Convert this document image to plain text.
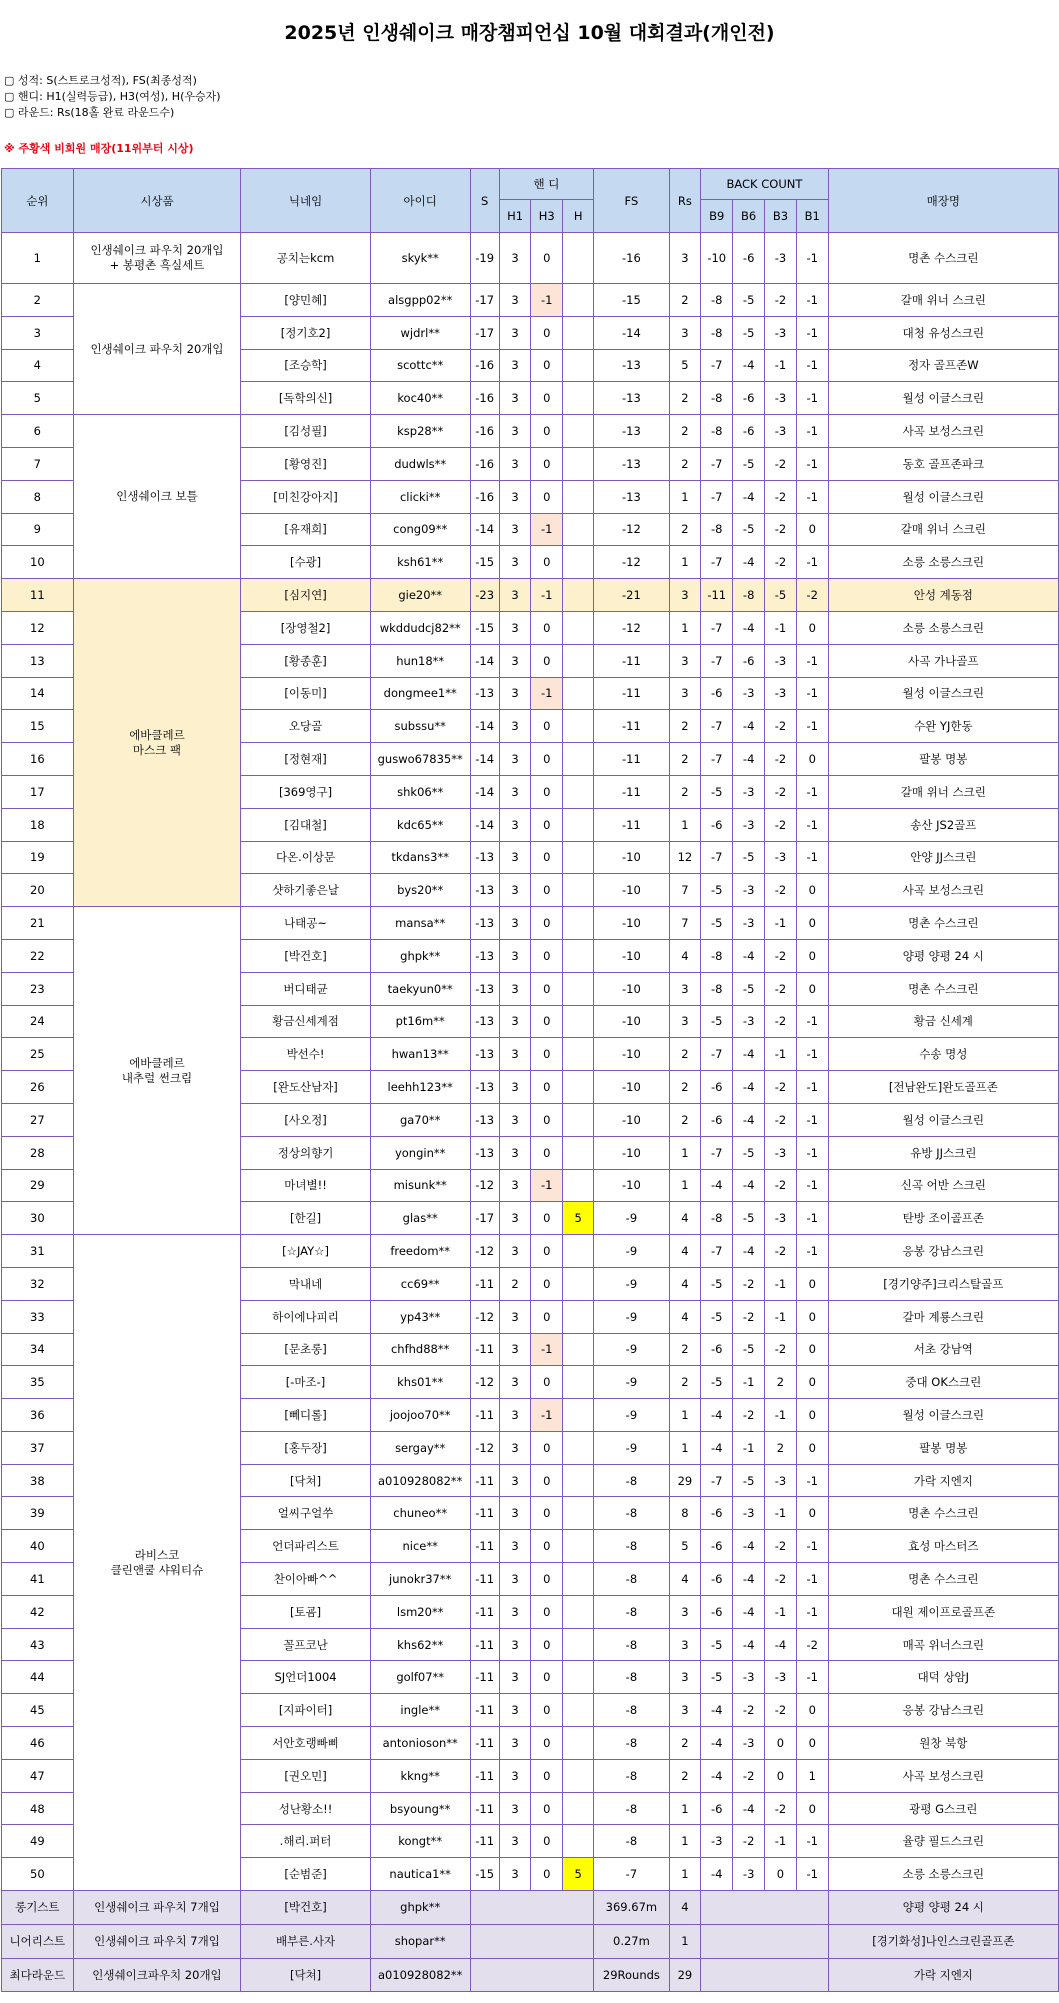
2025년 인생쉐이크 매장챔피언십 10월 대회결과(개인전)
▢ 성적: S(스트로크성적), FS(최종성적)
▢ 핸디: H1(실력등급), H3(여성), H(우승자)
▢ 라운드: Rs(18홀 완료 라운드수)
※ 주황색 비회원 매장(11위부터 시상)
순위	시상품	닉네임	아이디	S	핸 디			FS	Rs	BACK COUNT				매장명
					H1	H3	H			B9	B6	B3	B1	
1	인생쉐이크 파우치 20개입
+ 봉평촌 흑실세트	공치는kcm	skyk**	-19	3	0		-16	3	-10	-6	-3	-1	명촌 수스크린
2	인생쉐이크 파우치 20개입	[양민혜]	alsgpp02**	-17	3	-1		-15	2	-8	-5	-2	-1	갈매 위너 스크린
3		[정기호2]	wjdrl**	-17	3	0		-14	3	-8	-5	-3	-1	대청 유성스크린
4		[조승학]	scottc**	-16	3	0		-13	5	-7	-4	-1	-1	정자 골프존W
5		[독학의신]	koc40**	-16	3	0		-13	2	-8	-6	-3	-1	월성 이글스크린
6	인생쉐이크 보틀	[김성필]	ksp28**	-16	3	0		-13	2	-8	-6	-3	-1	사곡 보성스크린
7		[황영진]	dudwls**	-16	3	0		-13	2	-7	-5	-2	-1	동호 골프존파크
8		[미친강아지]	clicki**	-16	3	0		-13	1	-7	-4	-2	-1	월성 이글스크린
9		[유재희]	cong09**	-14	3	-1		-12	2	-8	-5	-2	0	갈매 위너 스크린
10		[수광]	ksh61**	-15	3	0		-12	1	-7	-4	-2	-1	소릉 소릉스크린
11	에바클레르
마스크 팩	[심지연]	gie20**	-23	3	-1		-21	3	-11	-8	-5	-2	안성 계동점
12		[장영철2]	wkddudcj82**	-15	3	0		-12	1	-7	-4	-1	0	소릉 소릉스크린
13		[황종훈]	hun18**	-14	3	0		-11	3	-7	-6	-3	-1	사곡 가나골프
14		[이동미]	dongmee1**	-13	3	-1		-11	3	-6	-3	-3	-1	월성 이글스크린
15		오당골	subssu**	-14	3	0		-11	2	-7	-4	-2	-1	수완 YJ한동
16		[정현재]	guswo67835**	-14	3	0		-11	2	-7	-4	-2	0	팔봉 명봉
17		[369영구]	shk06**	-14	3	0		-11	2	-5	-3	-2	-1	갈매 위너 스크린
18		[김대철]	kdc65**	-14	3	0		-11	1	-6	-3	-2	-1	송산 JS2골프
19		다온.이상문	tkdans3**	-13	3	0		-10	12	-7	-5	-3	-1	안양 JJ스크린
20		샷하기좋은날	bys20**	-13	3	0		-10	7	-5	-3	-2	0	사곡 보성스크린
21	에바클레르
내추럴 썬크림	나태공~	mansa**	-13	3	0		-10	7	-5	-3	-1	0	명촌 수스크린
22		[박건호]	ghpk**	-13	3	0		-10	4	-8	-4	-2	0	양평 양평 24 시
23		버디태균	taekyun0**	-13	3	0		-10	3	-8	-5	-2	0	명촌 수스크린
24		황금신세계점	pt16m**	-13	3	0		-10	3	-5	-3	-2	-1	황금 신세계
25		박선수!	hwan13**	-13	3	0		-10	2	-7	-4	-1	-1	수송 명성
26		[완도산남자]	leehh123**	-13	3	0		-10	2	-6	-4	-2	-1	[전남완도]완도골프존
27		[사오정]	ga70**	-13	3	0		-10	2	-6	-4	-2	-1	월성 이글스크린
28		정상의향기	yongin**	-13	3	0		-10	1	-7	-5	-3	-1	유방 JJ스크린
29		마녀별!!	misunk**	-12	3	-1		-10	1	-4	-4	-2	-1	신곡 어반 스크린
30		[한길]	glas**	-17	3	0	5	-9	4	-8	-5	-3	-1	탄방 조이골프존
31	라비스코
클린앤쿨 샤워티슈	[☆JAY☆]	freedom**	-12	3	0		-9	4	-7	-4	-2	-1	응봉 강남스크린
32		막내네	cc69**	-11	2	0		-9	4	-5	-2	-1	0	[경기양주]크리스탈골프
33		하이에나피리	yp43**	-12	3	0		-9	4	-5	-2	-1	0	갈마 계룡스크린
34		[문초롱]	chfhd88**	-11	3	-1		-9	2	-6	-5	-2	0	서초 강남역
35		[-마조-]	khs01**	-12	3	0		-9	2	-5	-1	2	0	중대 OK스크린
36		[뻬디롤]	joojoo70**	-11	3	-1		-9	1	-4	-2	-1	0	월성 이글스크린
37		[홍두장]	sergay**	-12	3	0		-9	1	-4	-1	2	0	팔봉 명봉
38		[닥쳐]	a010928082**	-11	3	0		-8	29	-7	-5	-3	-1	가락 지엔지
39		얼씨구얼쑤	chuneo**	-11	3	0		-8	8	-6	-3	-1	0	명촌 수스크린
40		언더파리스트	nice**	-11	3	0		-8	5	-6	-4	-2	-1	효성 마스터즈
41		찬이아빠^^	junokr37**	-11	3	0		-8	4	-6	-4	-2	-1	명촌 수스크린
42		[토굠]	lsm20**	-11	3	0		-8	3	-6	-4	-1	-1	대원 제이프로골프존
43		꼴프코난	khs62**	-11	3	0		-8	3	-5	-4	-4	-2	매곡 위너스크린
44		SJ언더1004	golf07**	-11	3	0		-8	3	-5	-3	-3	-1	대덕 상암J
45		[지파이터]	ingle**	-11	3	0		-8	3	-4	-2	-2	0	응봉 강남스크린
46		서안호랭빠삐	antonioson**	-11	3	0		-8	2	-4	-3	0	0	원창 북항
47		[권오민]	kkng**	-11	3	0		-8	2	-4	-2	0	1	사곡 보성스크린
48		성난황소!!	bsyoung**	-11	3	0		-8	1	-6	-4	-2	0	광평 G스크린
49		.해리.퍼터	kongt**	-11	3	0		-8	1	-3	-2	-1	-1	율량 필드스크린
50		[순범준]	nautica1**	-15	3	0	5	-7	1	-4	-3	0	-1	소릉 소릉스크린
롱기스트	인생쉐이크 파우치 7개입	[박건호]	ghpk**					369.67m	4					양평 양평 24 시
니어리스트	인생쉐이크 파우치 7개입	배부른.사자	shopar**					0.27m	1					[경기화성]나인스크린골프존
최다라운드	인생쉐이크파우치 20개입	[닥쳐]	a010928082**					29Rounds	29					가락 지엔지
